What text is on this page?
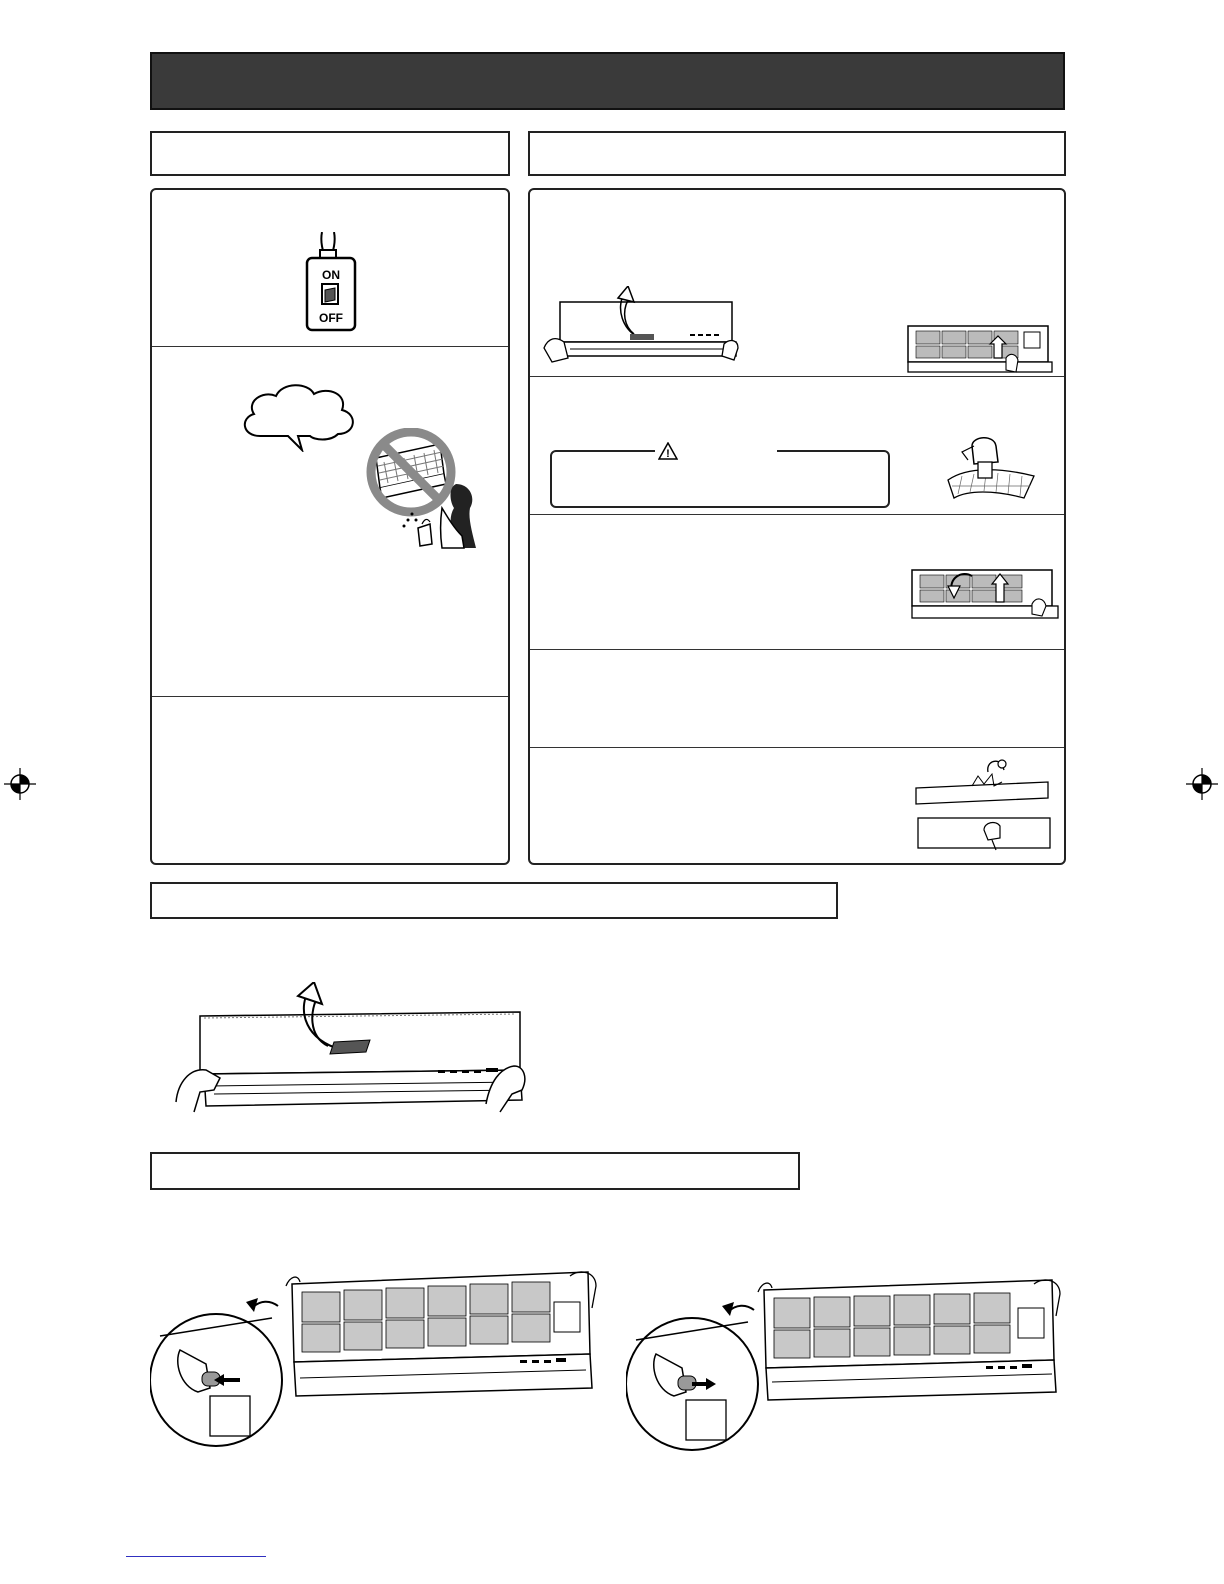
ON
OFF
!
